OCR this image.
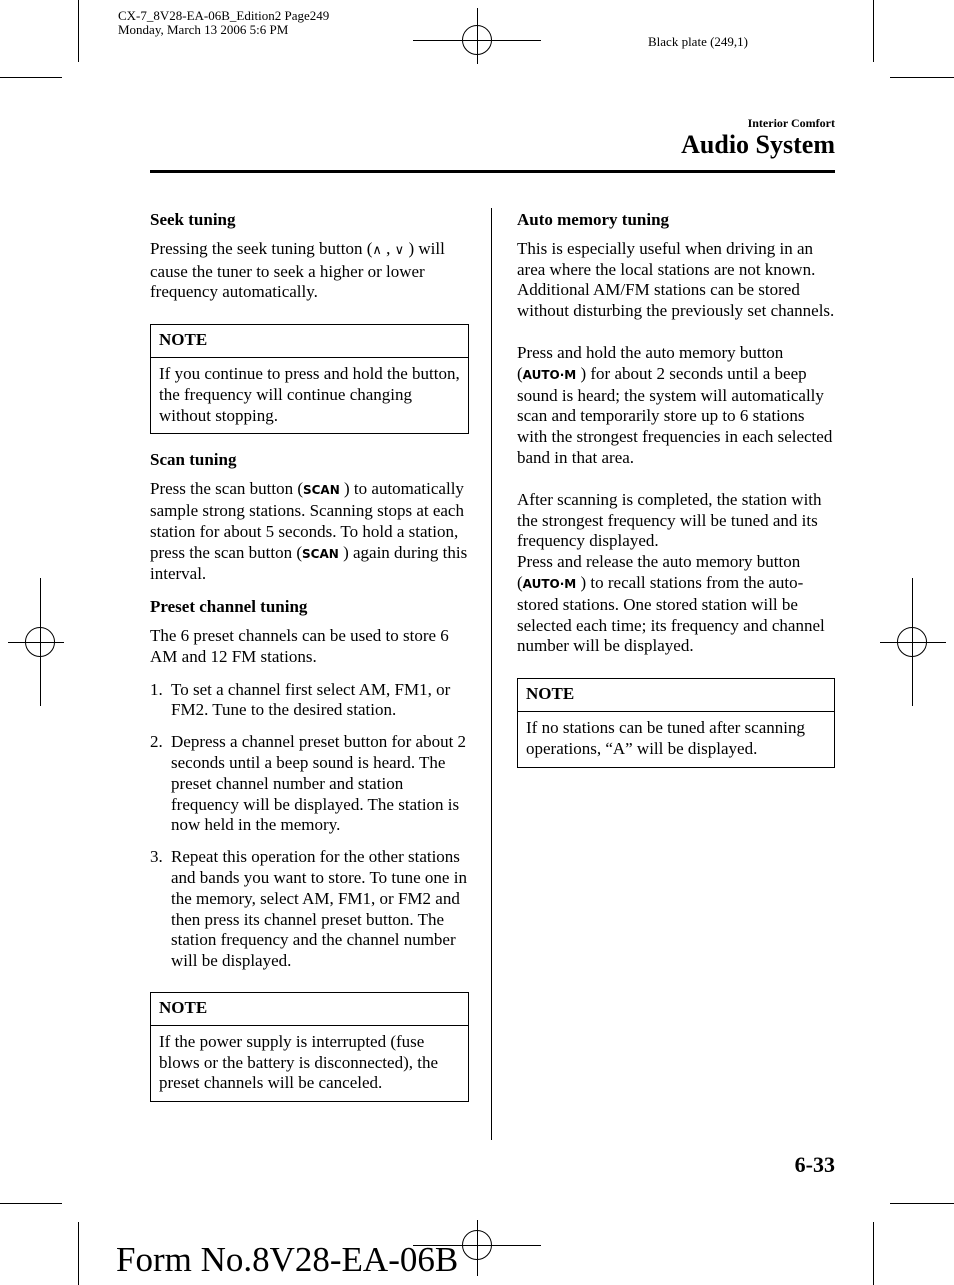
CX-7_8V28-EA-06B_Edition2 Page249
Monday, March 13 2006 5:6 PM
Black plate (249,1)
Interior Comfort
Audio System
Seek tuning

Pressing the seek tuning button (∧ , ∨ ) will cause the tuner to seek a higher or lower frequency automatically.

NOTE
If you continue to press and hold the button, the frequency will continue changing without stopping.
Scan tuning

Press the scan button (SCAN ) to automatically sample strong stations. Scanning stops at each station for about 5 seconds. To hold a station, press the scan button (SCAN ) again during this interval.

Preset channel tuning

The 6 preset channels can be used to store 6 AM and 12 FM stations.

1. To set a channel first select AM, FM1, or FM2. Tune to the desired station.
2. Depress a channel preset button for about 2 seconds until a beep sound is heard. The preset channel number and station frequency will be displayed. The station is now held in the memory.
3. Repeat this operation for the other stations and bands you want to store. To tune one in the memory, select AM, FM1, or FM2 and then press its channel preset button. The station frequency and the channel number will be displayed.
NOTE
If the power supply is interrupted (fuse blows or the battery is disconnected), the preset channels will be canceled.
Auto memory tuning

This is especially useful when driving in an area where the local stations are not known. Additional AM/FM stations can be stored without disturbing the previously set channels.

Press and hold the auto memory button (AUTO·M ) for about 2 seconds until a beep sound is heard; the system will automatically scan and temporarily store up to 6 stations with the strongest frequencies in each selected band in that area.

After scanning is completed, the station with the strongest frequency will be tuned and its frequency displayed.

Press and release the auto memory button (AUTO·M ) to recall stations from the auto-stored stations. One stored station will be selected each time; its frequency and channel number will be displayed.

NOTE
If no stations can be tuned after scanning operations, “A” will be displayed.
6-33
Form No.8V28-EA-06B
